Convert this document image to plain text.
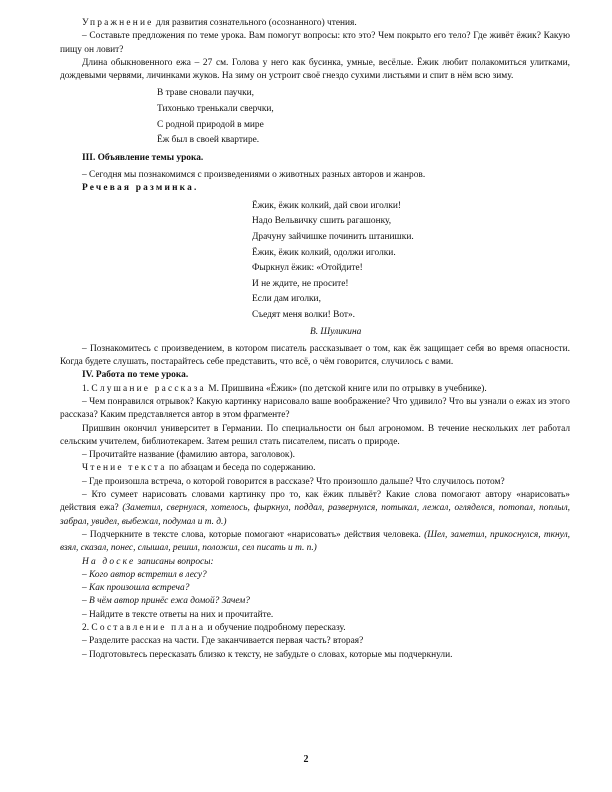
Упражнение для развития сознательного (осознанного) чтения.

– Составьте предложения по теме урока. Вам помогут вопросы: кто это? Чем покрыто его тело? Где живёт ёжик? Какую пищу он ловит?

Длина обыкновенного ежа – 27 см. Голова у него как бусинка, умные, весёлые. Ёжик любит полакомиться улитками, дождевыми червями, личинками жуков. На зиму он устроит своё гнездо сухими листьями и спит в нём всю зиму.

В траве сновали паучки,
Тихонько тренькали сверчки,
С родной природой в мире
Ёж был в своей квартире.

III. Объявление темы урока.

– Сегодня мы познакомимся с произведениями о животных разных авторов и жанров.

Речевая разминка.

Ёжик, ёжик колкий, дай свои иголки!
Надо Вельвичку сшить рагашонку,
Драчуну зайчишке починить штанишки.
Ёжик, ёжик колкий, одолжи иголки.
Фыркнул ёжик: «Отойдите!
И не ждите, не просите!
Если дам иголки,
Съедят меня волки! Вот».

В. Шуликина

– Познакомитесь с произведением, в котором писатель рассказывает о том, как ёж защищает себя во время опасности. Когда будете слушать, постарайтесь себе представить, что всё, о чём говорится, случилось с вами.

IV. Работа по теме урока.

1. Слушание рассказа М. Пришвина «Ёжик» (по детской книге или по отрывку в учебнике).

– Чем понравился отрывок? Какую картинку нарисовало ваше воображение? Что удивило? Что вы узнали о ежах из этого рассказа? Каким представляется автор в этом фрагменте?

Пришвин окончил университет в Германии. По специальности он был агрономом. В течение нескольких лет работал сельским учителем, библиотекарем. Затем решил стать писателем, писать о природе.

– Прочитайте название (фамилию автора, заголовок).

Чтение текста по абзацам и беседа по содержанию.

– Где произошла встреча, о которой говорится в рассказе? Что произошло дальше? Что случилось потом?

– Кто сумеет нарисовать словами картинку про то, как ёжик плывёт? Какие слова помогают автору «нарисовать» действия ежа? (Заметил, свернулся, хотелось, фыркнул, поддал, развернулся, потыкал, лежал, огляделся, потопал, поплыл, забрал, увидел, выбежал, подумал и т. д.)

– Подчеркните в тексте слова, которые помогают «нарисовать» действия человека. (Шел, заметил, прикоснулся, ткнул, взял, сказал, понес, слышал, решил, положил, сел писать и т. п.)

На доске записаны вопросы:

– Кого автор встретил в лесу?

– Как произошла встреча?

– В чём автор принёс ежа домой? Зачем?

– Найдите в тексте ответы на них и прочитайте.

2. Составление плана и обучение подробному пересказу.

– Разделите рассказ на части. Где заканчивается первая часть? вторая?

– Подготовьтесь пересказать близко к тексту, не забудьте о словах, которые мы подчеркнули.

2
